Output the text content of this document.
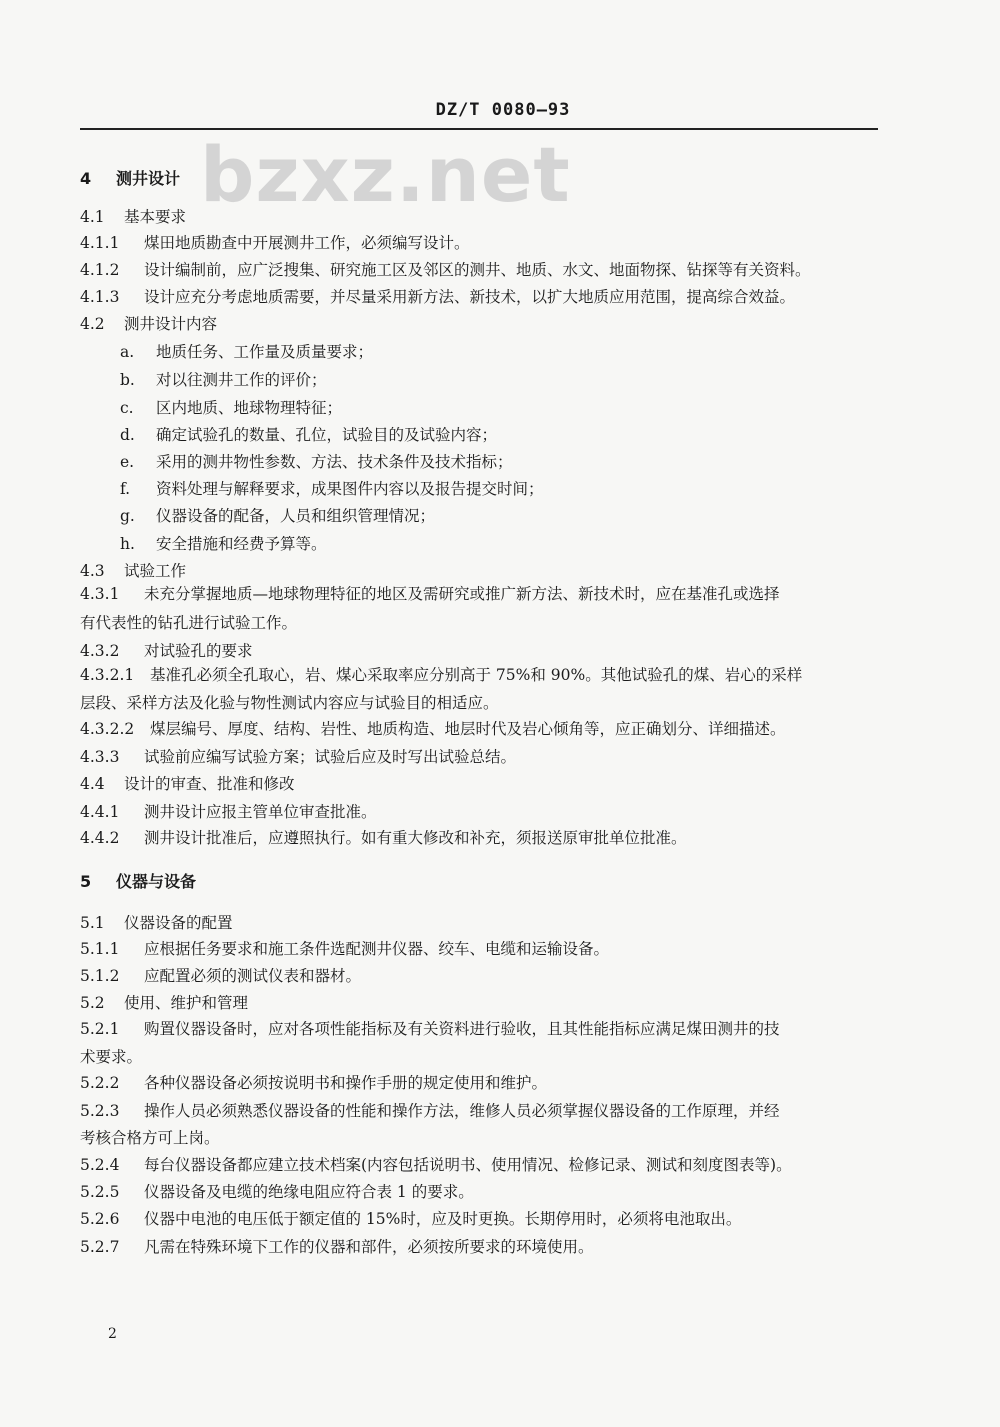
DZ/T 0080—93
bzxz.net
4 测井设计
4.1 基本要求
4.1.1 煤田地质勘查中开展测井工作，必须编写设计。
4.1.2 设计编制前，应广泛搜集、研究施工区及邻区的测井、地质、水文、地面物探、钻探等有关资料。
4.1.3 设计应充分考虑地质需要，并尽量采用新方法、新技术，以扩大地质应用范围，提高综合效益。
4.2 测井设计内容
a. 地质任务、工作量及质量要求；
b. 对以往测井工作的评价；
c. 区内地质、地球物理特征；
d. 确定试验孔的数量、孔位，试验目的及试验内容；
e. 采用的测井物性参数、方法、技术条件及技术指标；
f. 资料处理与解释要求，成果图件内容以及报告提交时间；
g. 仪器设备的配备，人员和组织管理情况；
h. 安全措施和经费予算等。
4.3 试验工作
4.3.1 未充分掌握地质—地球物理特征的地区及需研究或推广新方法、新技术时，应在基准孔或选择
有代表性的钻孔进行试验工作。
4.3.2 对试验孔的要求
4.3.2.1 基准孔必须全孔取心，岩、煤心采取率应分别高于 75%和 90%。其他试验孔的煤、岩心的采样
层段、采样方法及化验与物性测试内容应与试验目的相适应。
4.3.2.2 煤层编号、厚度、结构、岩性、地质构造、地层时代及岩心倾角等，应正确划分、详细描述。
4.3.3 试验前应编写试验方案；试验后应及时写出试验总结。
4.4 设计的审查、批准和修改
4.4.1 测井设计应报主管单位审查批准。
4.4.2 测井设计批准后，应遵照执行。如有重大修改和补充，须报送原审批单位批准。
5 仪器与设备
5.1 仪器设备的配置
5.1.1 应根据任务要求和施工条件选配测井仪器、绞车、电缆和运输设备。
5.1.2 应配置必须的测试仪表和器材。
5.2 使用、维护和管理
5.2.1 购置仪器设备时，应对各项性能指标及有关资料进行验收，且其性能指标应满足煤田测井的技
术要求。
5.2.2 各种仪器设备必须按说明书和操作手册的规定使用和维护。
5.2.3 操作人员必须熟悉仪器设备的性能和操作方法，维修人员必须掌握仪器设备的工作原理，并经
考核合格方可上岗。
5.2.4 每台仪器设备都应建立技术档案(内容包括说明书、使用情况、检修记录、测试和刻度图表等)。
5.2.5 仪器设备及电缆的绝缘电阻应符合表 1 的要求。
5.2.6 仪器中电池的电压低于额定值的 15%时，应及时更换。长期停用时，必须将电池取出。
5.2.7 凡需在特殊环境下工作的仪器和部件，必须按所要求的环境使用。
2
